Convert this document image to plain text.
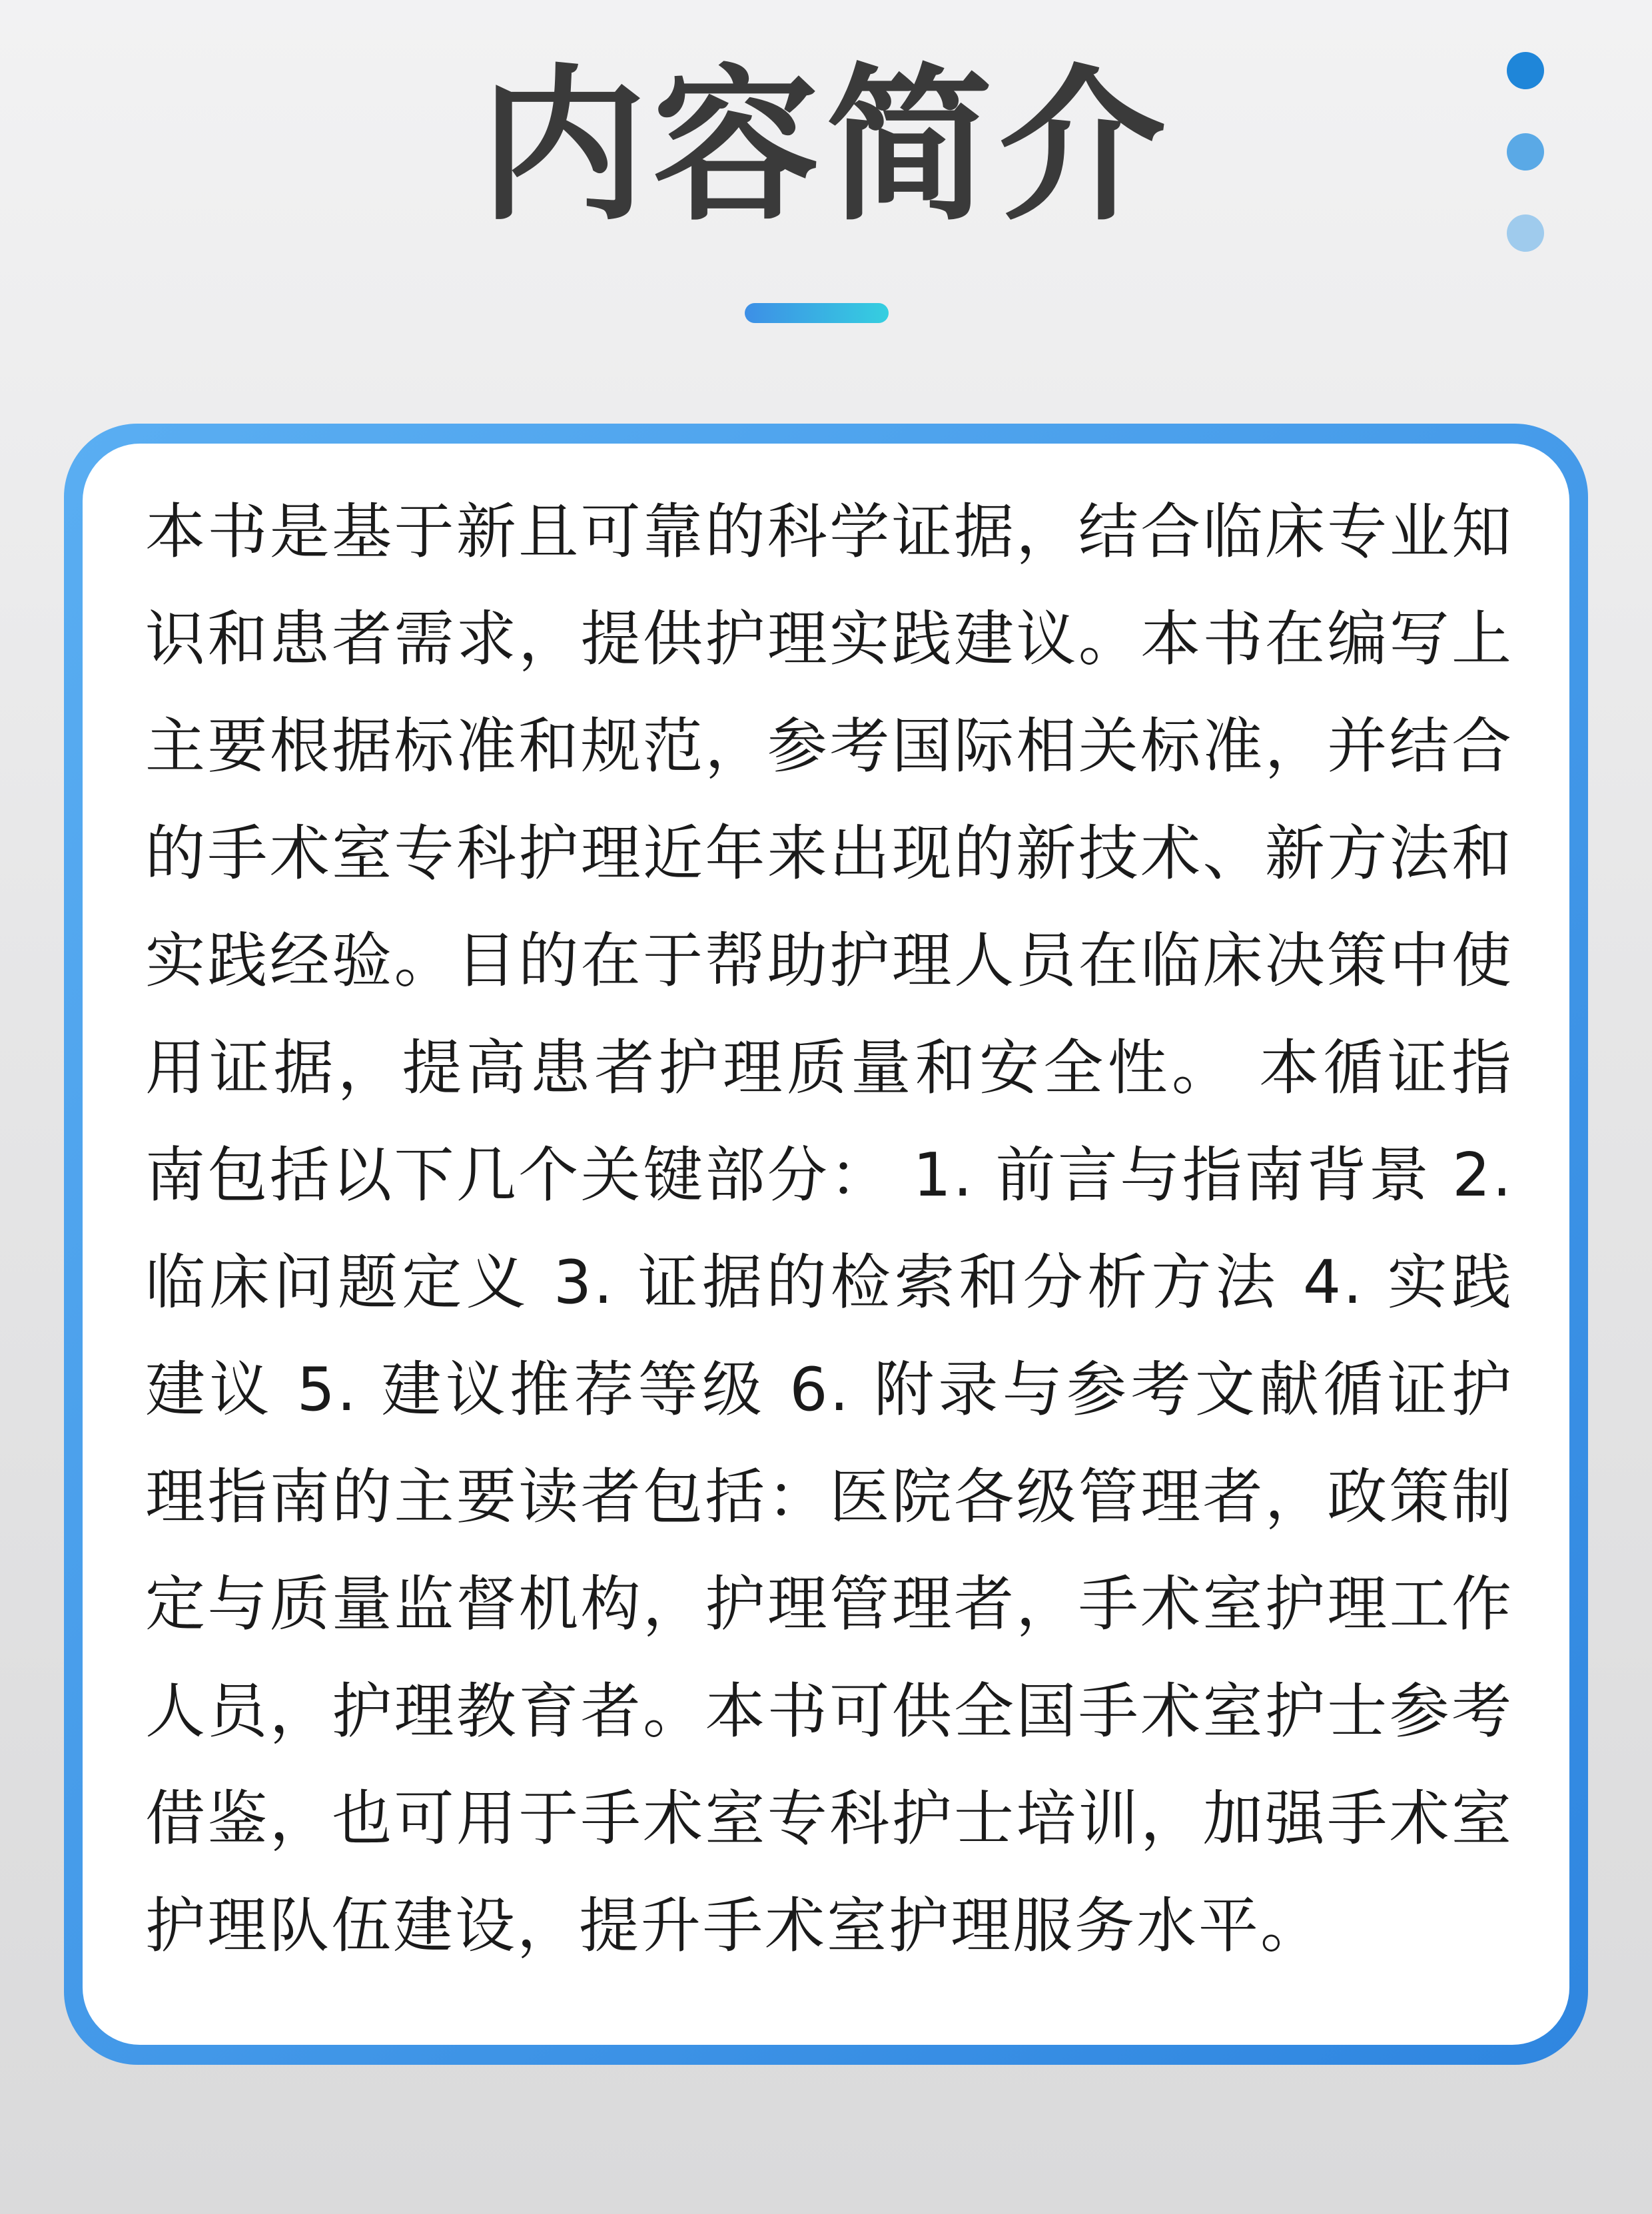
内容简介

本书是基于新且可靠的科学证据，结合临床专业知识和患者需求，提供护理实践建议。本书在编写上主要根据标准和规范，参考国际相关标准，并结合的手术室专科护理近年来出现的新技术、新方法和实践经验。目的在于帮助护理人员在临床决策中使用证据，提高患者护理质量和安全性。 本循证指南包括以下几个关键部分： 1. 前言与指南背景 2. 临床问题定义 3. 证据的检索和分析方法 4. 实践建议 5. 建议推荐等级 6. 附录与参考文献循证护理指南的主要读者包括：医院各级管理者，政策制定与质量监督机构，护理管理者，手术室护理工作人员，护理教育者。本书可供全国手术室护士参考借鉴，也可用于手术室专科护士培训，加强手术室护理队伍建设，提升手术室护理服务水平。
